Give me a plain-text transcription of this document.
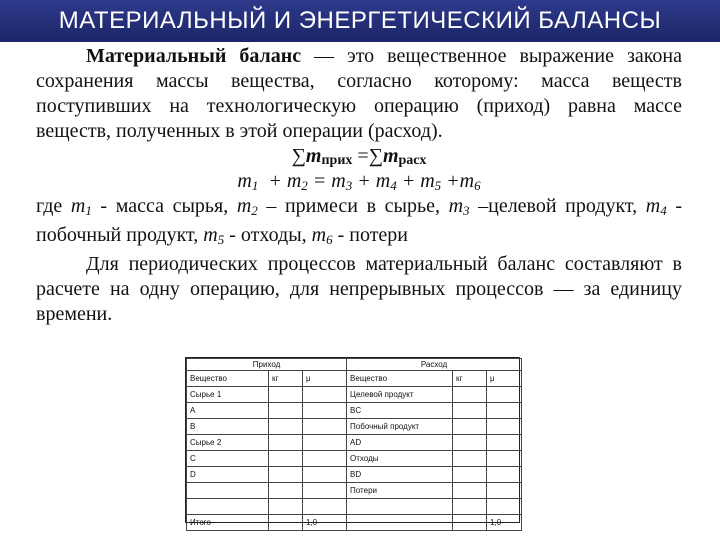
МАТЕРИАЛЬНЫЙ И ЭНЕРГЕТИЧЕСКИЙ БАЛАНСЫ

Материальный баланс — это вещественное выражение закона сохранения массы вещества, согласно которому: масса веществ поступивших на технологическую операцию (приход) равна массе веществ, полученных в этой операции (расход).

∑mприх =∑mрасх

$m_1 + m_2 = m_3 + m_4 + m_5 +m_6$

где $m_1$ - масса сырья, $m_2$ – примеси в сырье, $m_3$ –целевой продукт, $m_4$ - побочный продукт, $m_5$ - отходы, $m_6$ - потери

Для периодических процессов материальный баланс составляют в расчете на одну операцию, для непрерывных процессов — за единицу времени.

Приход			Расход		
Вещество	кг	μ	Вещество	кг	μ
Сырье 1			Целевой продукт		
A			BC		
B			Побочный продукт		
Сырье 2			AD		
C			Отходы		
D			BD		
			Потери		

Итого		1,0			1,0
